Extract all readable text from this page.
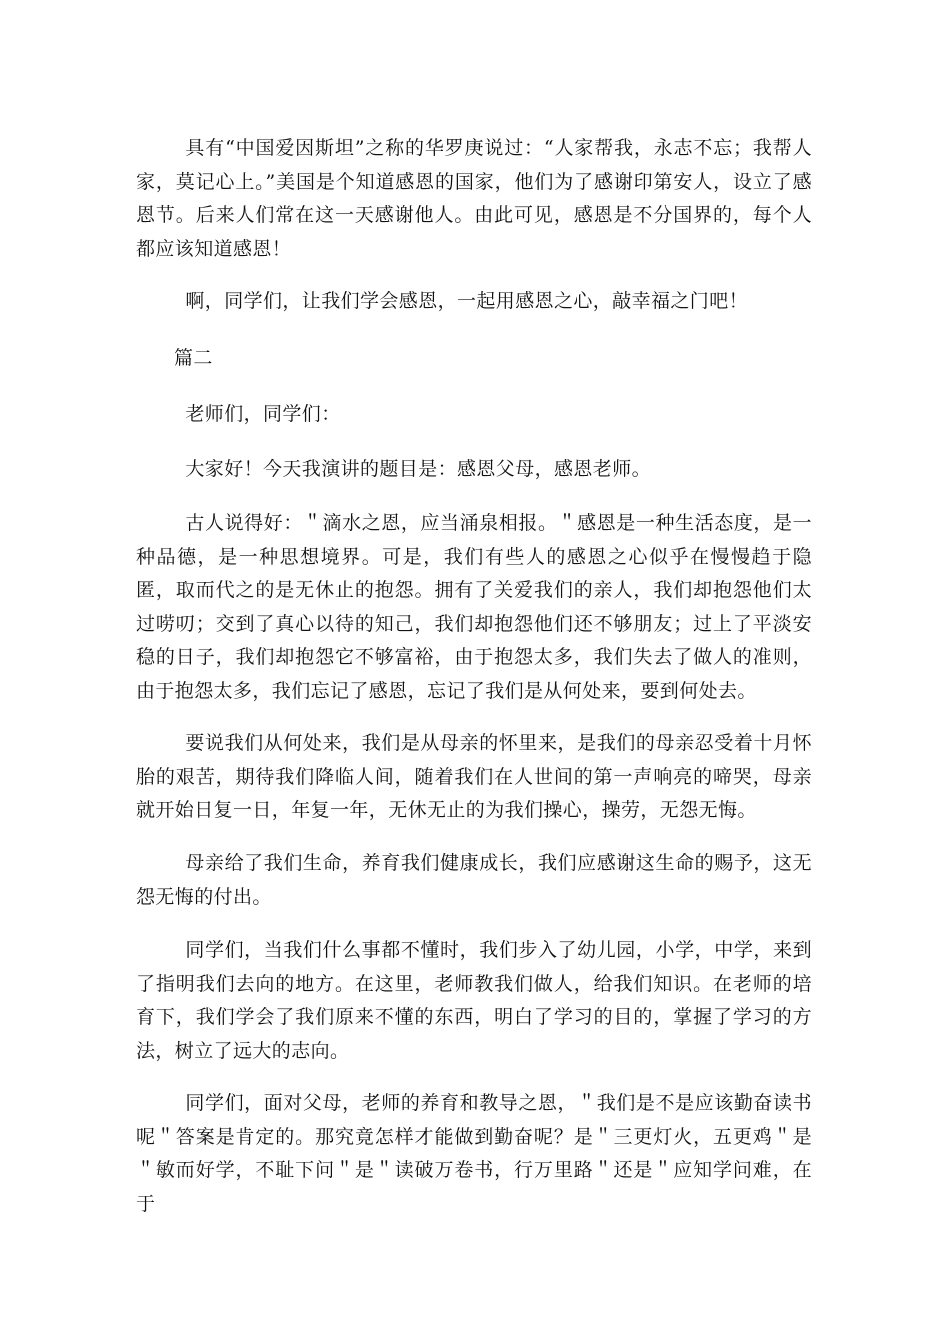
具有“中国爱因斯坦”之称的华罗庚说过：“人家帮我，永志不忘；我帮人家，莫记心上。”美国是个知道感恩的国家，他们为了感谢印第安人，设立了感恩节。后来人们常在这一天感谢他人。由此可见，感恩是不分国界的，每个人都应该知道感恩！

啊，同学们，让我们学会感恩，一起用感恩之心，敲幸福之门吧！

篇二

老师们，同学们：

大家好！今天我演讲的题目是：感恩父母，感恩老师。

古人说得好：＂滴水之恩，应当涌泉相报。＂感恩是一种生活态度，是一种品德，是一种思想境界。可是，我们有些人的感恩之心似乎在慢慢趋于隐匿，取而代之的是无休止的抱怨。拥有了关爱我们的亲人，我们却抱怨他们太过唠叨；交到了真心以待的知己，我们却抱怨他们还不够朋友；过上了平淡安稳的日子，我们却抱怨它不够富裕，由于抱怨太多，我们失去了做人的准则，由于抱怨太多，我们忘记了感恩，忘记了我们是从何处来，要到何处去。

要说我们从何处来，我们是从母亲的怀里来，是我们的母亲忍受着十月怀胎的艰苦，期待我们降临人间，随着我们在人世间的第一声响亮的啼哭，母亲就开始日复一日，年复一年，无休无止的为我们操心，操劳，无怨无悔。

母亲给了我们生命，养育我们健康成长，我们应感谢这生命的赐予，这无怨无悔的付出。

同学们，当我们什么事都不懂时，我们步入了幼儿园，小学，中学，来到了指明我们去向的地方。在这里，老师教我们做人，给我们知识。在老师的培育下，我们学会了我们原来不懂的东西，明白了学习的目的，掌握了学习的方法，树立了远大的志向。

同学们，面对父母，老师的养育和教导之恩，＂我们是不是应该勤奋读书呢＂答案是肯定的。那究竟怎样才能做到勤奋呢？是＂三更灯火，五更鸡＂是＂敏而好学，不耻下问＂是＂读破万卷书，行万里路＂还是＂应知学问难，在于
